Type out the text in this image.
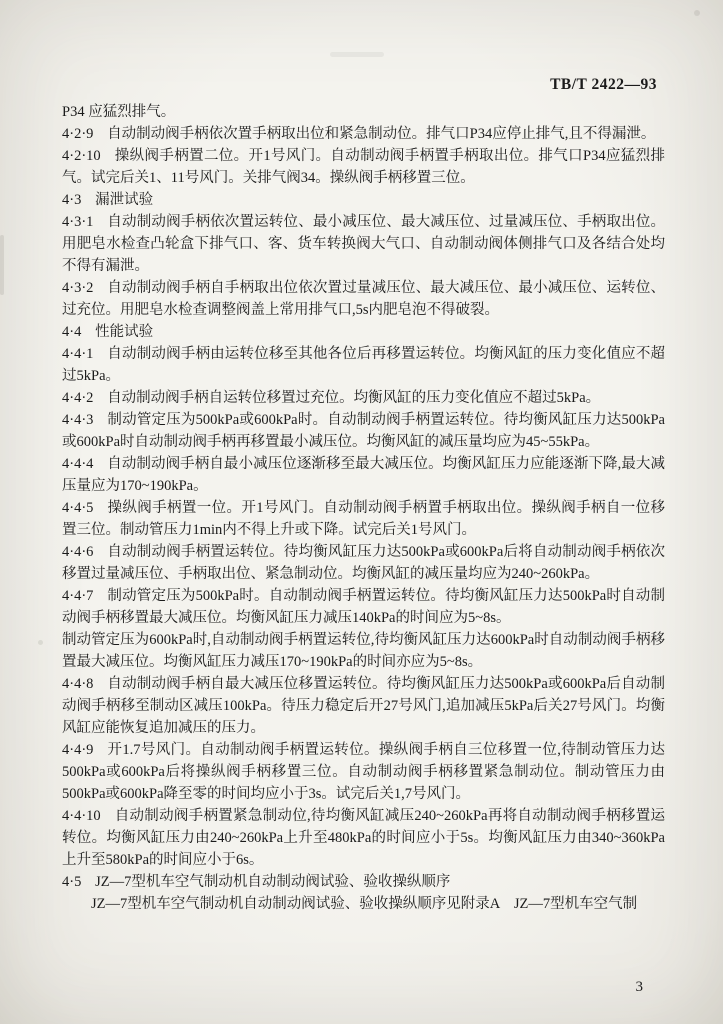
TB/T 2422—93

P34 应猛烈排气。

4·2·9 自动制动阀手柄依次置手柄取出位和紧急制动位。排气口P34应停止排气,且不得漏泄。

4·2·10 操纵阀手柄置二位。开1号风门。自动制动阀手柄置手柄取出位。排气口P34应猛烈排气。试完后关1、11号风门。关排气阀34。操纵阀手柄移置三位。

4·3 漏泄试验

4·3·1 自动制动阀手柄依次置运转位、最小减压位、最大减压位、过量减压位、手柄取出位。用肥皂水检查凸轮盒下排气口、客、货车转换阀大气口、自动制动阀体侧排气口及各结合处均不得有漏泄。

4·3·2 自动制动阀手柄自手柄取出位依次置过量减压位、最大减压位、最小减压位、运转位、过充位。用肥皂水检查调整阀盖上常用排气口,5s内肥皂泡不得破裂。

4·4 性能试验

4·4·1 自动制动阀手柄由运转位移至其他各位后再移置运转位。均衡风缸的压力变化值应不超过5kPa。

4·4·2 自动制动阀手柄自运转位移置过充位。均衡风缸的压力变化值应不超过5kPa。

4·4·3 制动管定压为500kPa或600kPa时。自动制动阀手柄置运转位。待均衡风缸压力达500kPa或600kPa时自动制动阀手柄再移置最小减压位。均衡风缸的减压量均应为45~55kPa。

4·4·4 自动制动阀手柄自最小减压位逐渐移至最大减压位。均衡风缸压力应能逐渐下降,最大减压量应为170~190kPa。

4·4·5 操纵阀手柄置一位。开1号风门。自动制动阀手柄置手柄取出位。操纵阀手柄自一位移置三位。制动管压力1min内不得上升或下降。试完后关1号风门。

4·4·6 自动制动阀手柄置运转位。待均衡风缸压力达500kPa或600kPa后将自动制动阀手柄依次移置过量减压位、手柄取出位、紧急制动位。均衡风缸的减压量均应为240~260kPa。

4·4·7 制动管定压为500kPa时。自动制动阀手柄置运转位。待均衡风缸压力达500kPa时自动制动阀手柄移置最大减压位。均衡风缸压力减压140kPa的时间应为5~8s。

制动管定压为600kPa时,自动制动阀手柄置运转位,待均衡风缸压力达600kPa时自动制动阀手柄移置最大减压位。均衡风缸压力减压170~190kPa的时间亦应为5~8s。

4·4·8 自动制动阀手柄自最大减压位移置运转位。待均衡风缸压力达500kPa或600kPa后自动制动阀手柄移至制动区减压100kPa。待压力稳定后开27号风门,追加减压5kPa后关27号风门。均衡风缸应能恢复追加减压的压力。

4·4·9 开1.7号风门。自动制动阀手柄置运转位。操纵阀手柄自三位移置一位,待制动管压力达500kPa或600kPa后将操纵阀手柄移置三位。自动制动阀手柄移置紧急制动位。制动管压力由500kPa或600kPa降至零的时间均应小于3s。试完后关1,7号风门。

4·4·10 自动制动阀手柄置紧急制动位,待均衡风缸减压240~260kPa再将自动制动阀手柄移置运转位。均衡风缸压力由240~260kPa上升至480kPa的时间应小于5s。均衡风缸压力由340~360kPa上升至580kPa的时间应小于6s。

4·5 JZ—7型机车空气制动机自动制动阀试验、验收操纵顺序

JZ—7型机车空气制动机自动制动阀试验、验收操纵顺序见附录A　JZ—7型机车空气制

3
